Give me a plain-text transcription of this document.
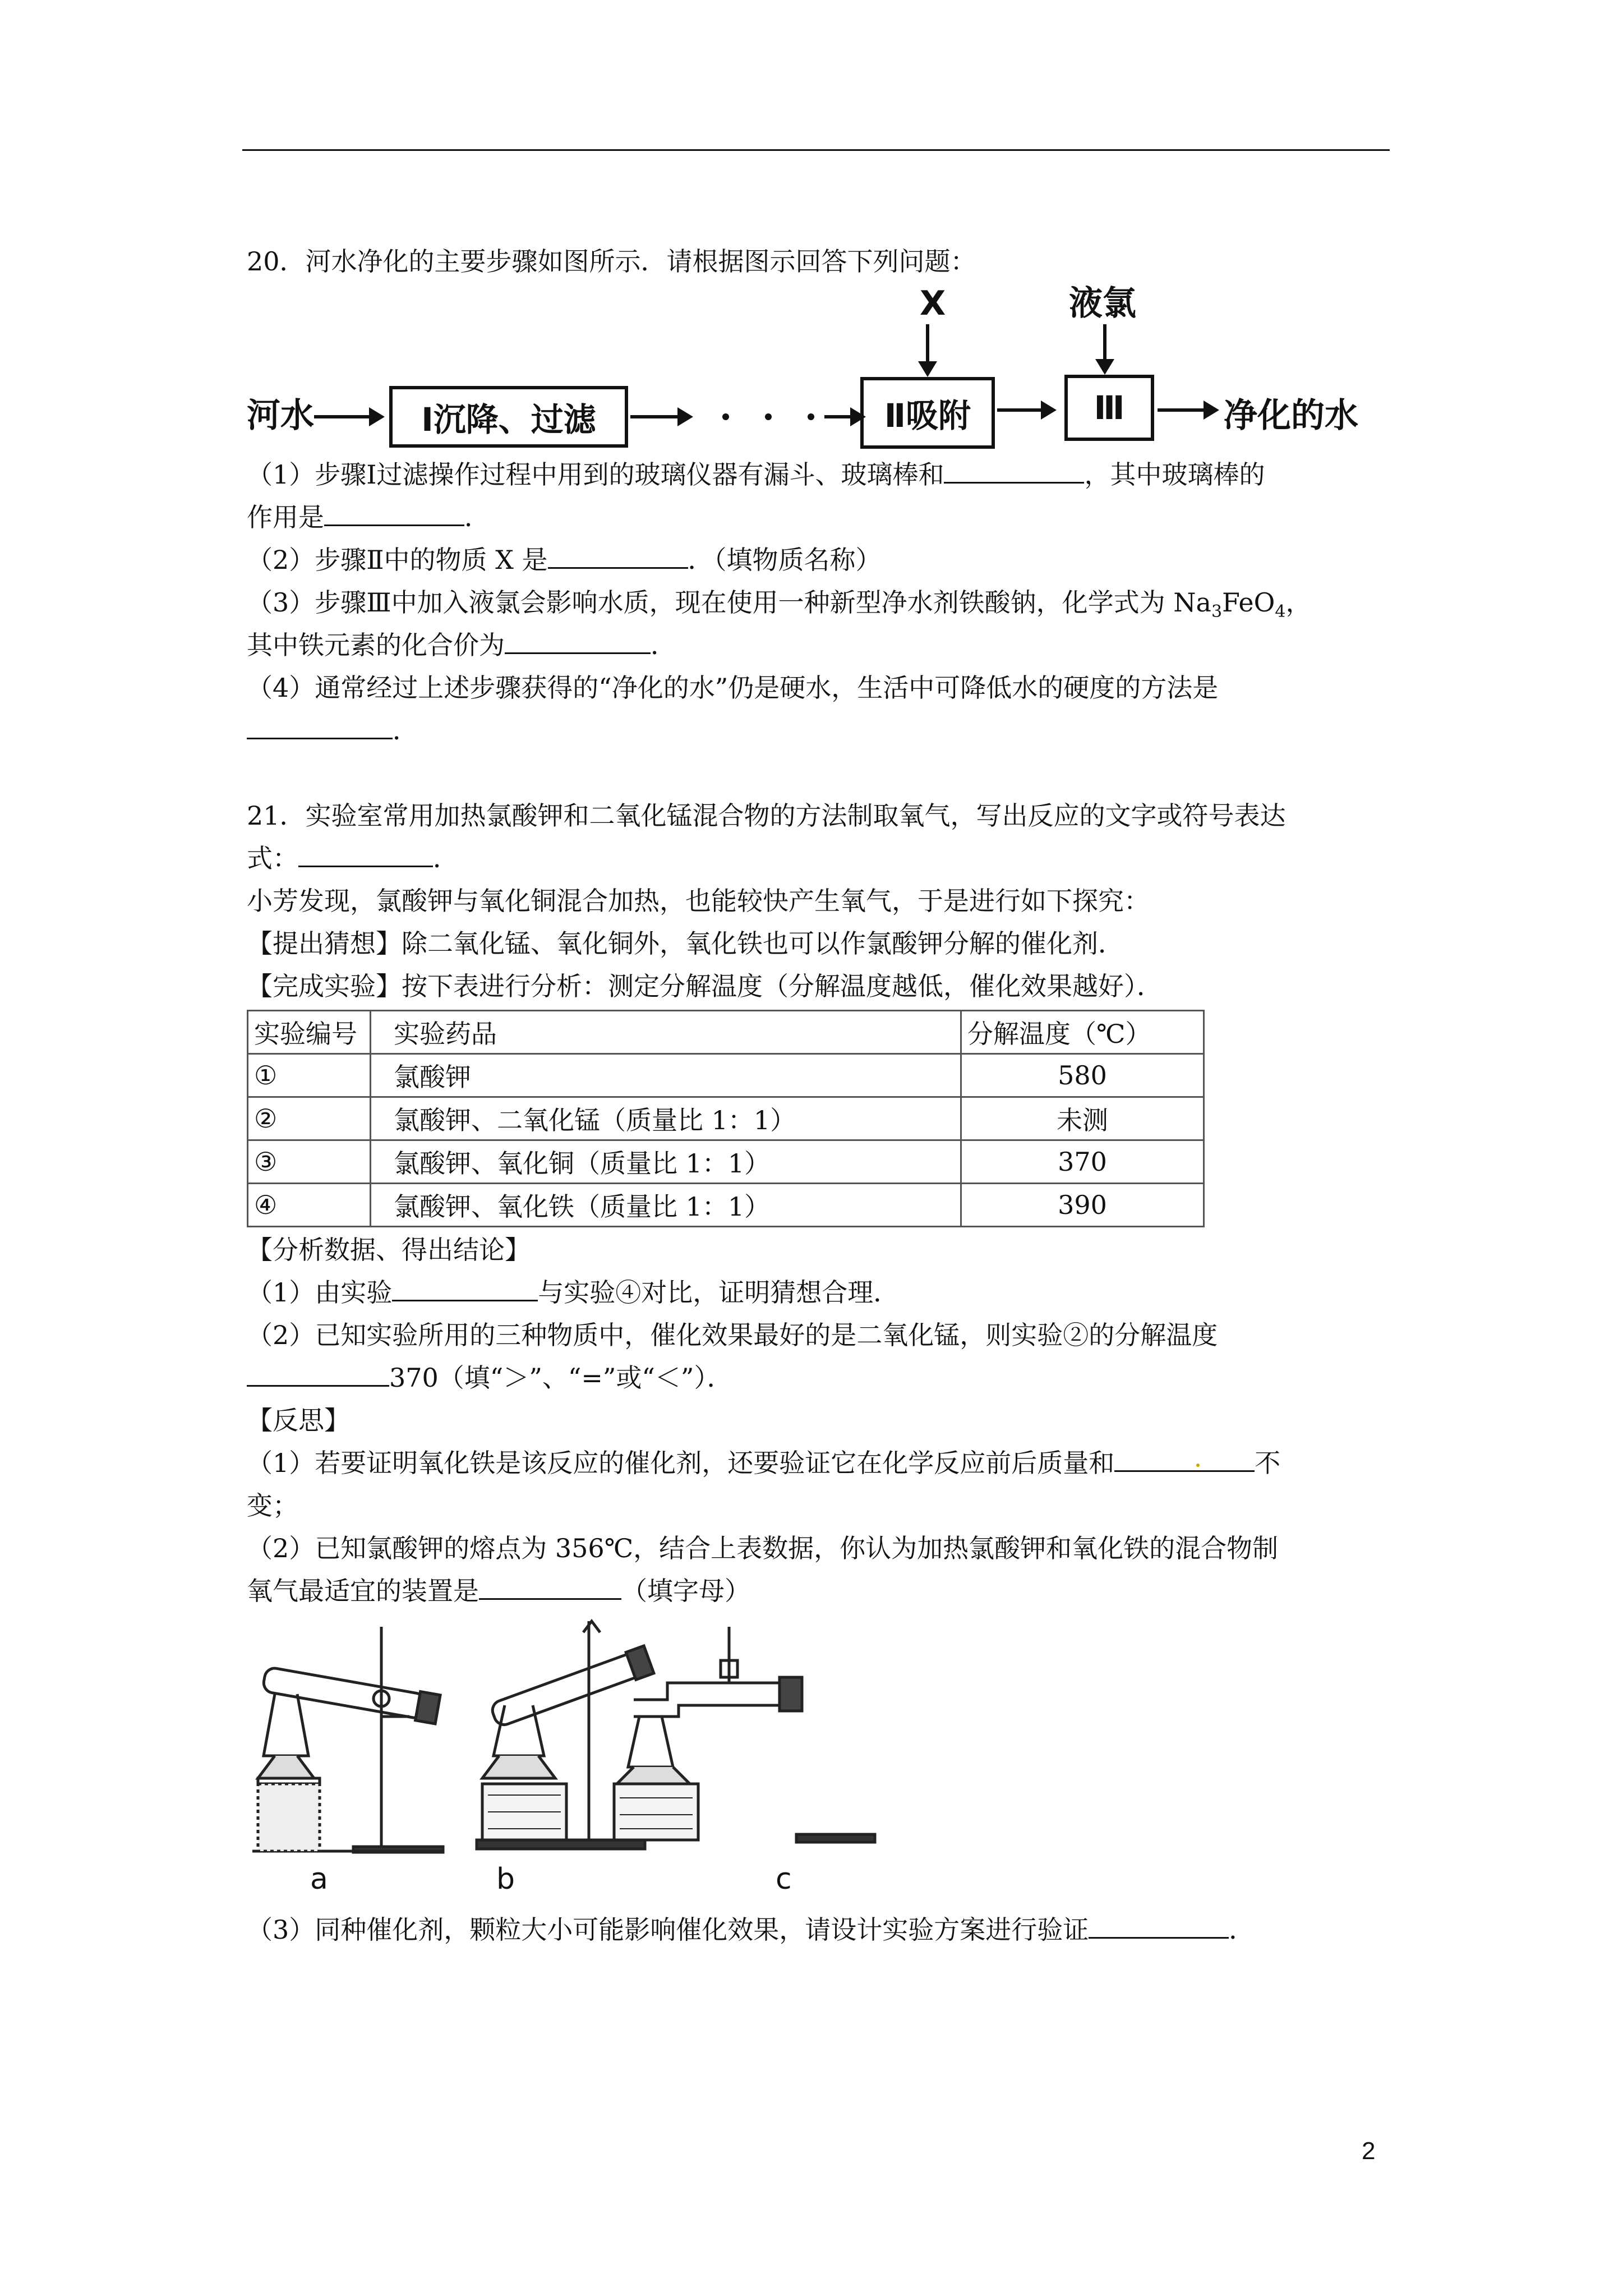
20．河水净化的主要步骤如图所示．请根据图示回答下列问题：
河水	Ⅰ沉降、过滤	Ⅱ吸附
X
Ⅲ
液氯
净化的水
（1）步骤Ⅰ过滤操作过程中用到的玻璃仪器有漏斗、玻璃棒和	，其中玻璃棒的
作用是	．
（2）步骤Ⅱ中的物质 X 是	．（填物质名称）
（3）步骤Ⅲ中加入液氯会影响水质，现在使用一种新型净水剂铁酸钠，化学式为 $Na_3FeO_4$，
其中铁元素的化合价为	．
（4）通常经过上述步骤获得的“净化的水”仍是硬水，生活中可降低水的硬度的方法是
．
21．实验室常用加热氯酸钾和二氧化锰混合物的方法制取氧气，写出反应的文字或符号表达
式：	．
小芳发现，氯酸钾与氧化铜混合加热，也能较快产生氧气，于是进行如下探究：
【提出猜想】除二氧化锰、氧化铜外，氧化铁也可以作氯酸钾分解的催化剂．
【完成实验】按下表进行分析：测定分解温度（分解温度越低，催化效果越好）．
实验编号	实验药品	分解温度（℃）
①	氯酸钾	580
②	氯酸钾、二氧化锰（质量比 1：1）	未测
③	氯酸钾、氧化铜（质量比 1：1）	370
④	氯酸钾、氧化铁（质量比 1：1）	390
【分析数据、得出结论】
（1）由实验	与实验④对比，证明猜想合理．
（2）已知实验所用的三种物质中，催化效果最好的是二氧化锰，则实验②的分解温度
370（填“＞”、“=”或“＜”）．
【反思】
（1）若要证明氧化铁是该反应的催化剂，还要验证它在化学反应前后质量和	不
变；
（2）已知氯酸钾的熔点为 356℃，结合上表数据，你认为加热氯酸钾和氧化铁的混合物制
氧气最适宜的装置是	（填字母）
a	b	c
（3）同种催化剂，颗粒大小可能影响催化效果，请设计实验方案进行验证	．
2
